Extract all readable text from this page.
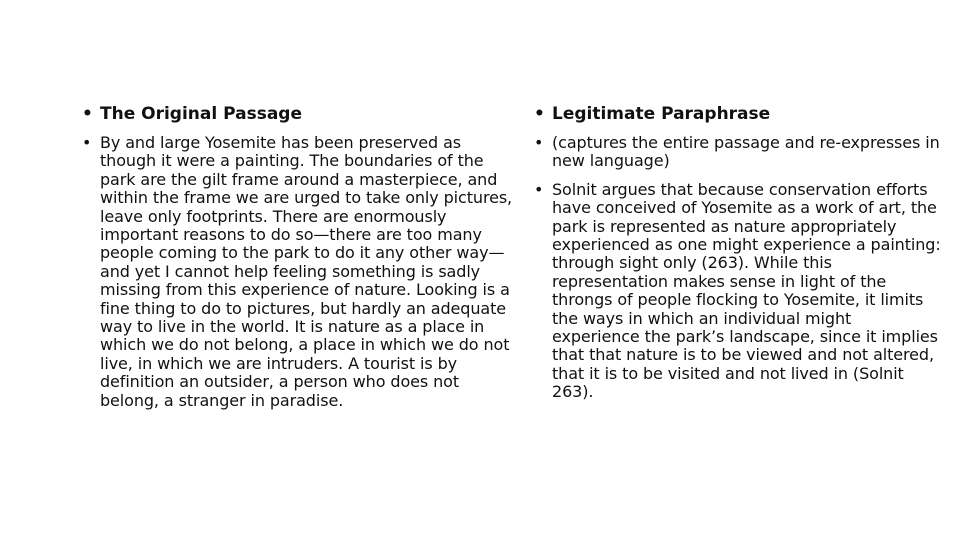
• The Original Passage
• By and large Yosemite has been preserved as though it were a painting. The boundaries of the park are the gilt frame around a masterpiece, and within the frame we are urged to take only pictures, leave only footprints. There are enormously important reasons to do so—there are too many people coming to the park to do it any other way—and yet I cannot help feeling something is sadly missing from this experience of nature. Looking is a fine thing to do to pictures, but hardly an adequate way to live in the world. It is nature as a place in which we do not belong, a place in which we do not live, in which we are intruders. A tourist is by definition an outsider, a person who does not belong, a stranger in paradise.
• Legitimate Paraphrase
• (captures the entire passage and re-expresses in new language)
• Solnit argues that because conservation efforts have conceived of Yosemite as a work of art, the park is represented as nature appropriately experienced as one might experience a painting: through sight only (263). While this representation makes sense in light of the throngs of people flocking to Yosemite, it limits the ways in which an individual might experience the park’s landscape, since it implies that that nature is to be viewed and not altered, that it is to be visited and not lived in (Solnit 263).
